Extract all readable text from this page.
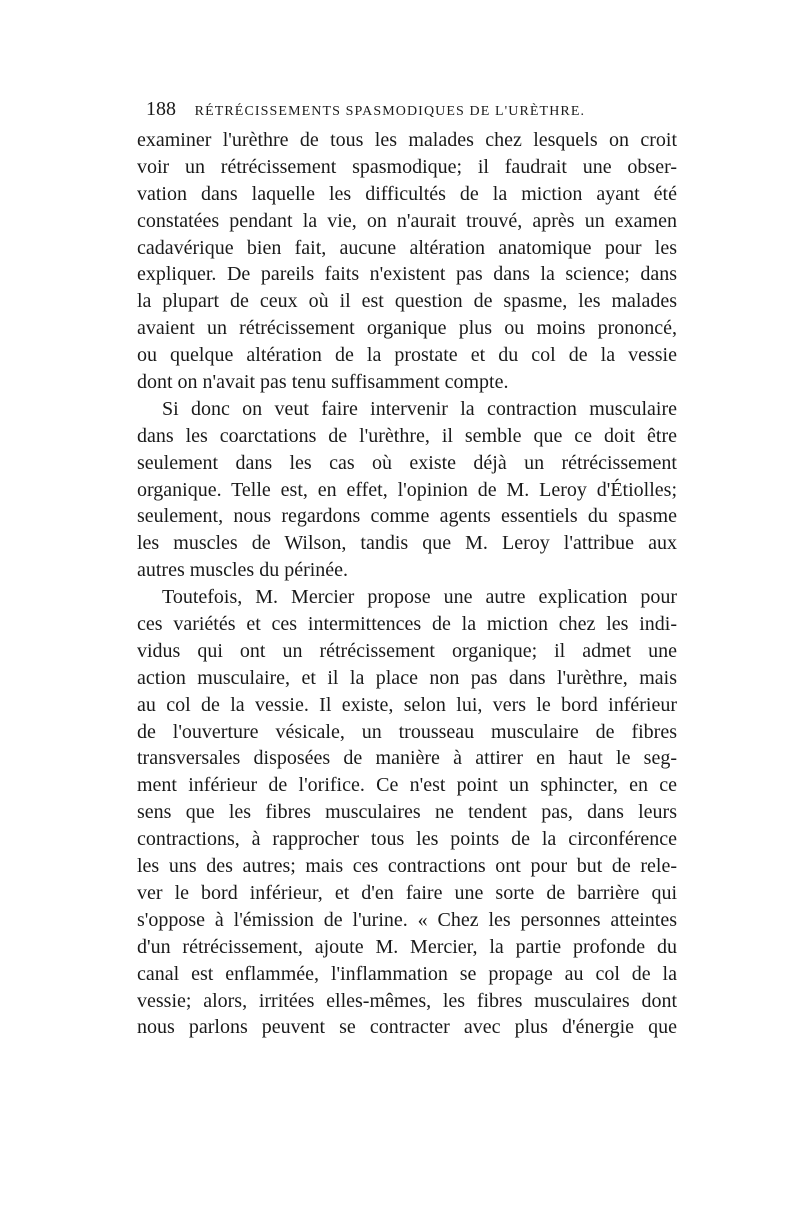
188 RÉTRÉCISSEMENTS SPASMODIQUES DE L'URÈTHRE.
examiner l'urèthre de tous les malades chez lesquels on croit
voir un rétrécissement spasmodique; il faudrait une obser-
vation dans laquelle les difficultés de la miction ayant été
constatées pendant la vie, on n'aurait trouvé, après un examen
cadavérique bien fait, aucune altération anatomique pour les
expliquer. De pareils faits n'existent pas dans la science; dans
la plupart de ceux où il est question de spasme, les malades
avaient un rétrécissement organique plus ou moins prononcé,
ou quelque altération de la prostate et du col de la vessie
dont on n'avait pas tenu suffisamment compte.
Si donc on veut faire intervenir la contraction musculaire
dans les coarctations de l'urèthre, il semble que ce doit être
seulement dans les cas où existe déjà un rétrécissement
organique. Telle est, en effet, l'opinion de M. Leroy d'Étiolles;
seulement, nous regardons comme agents essentiels du spasme
les muscles de Wilson, tandis que M. Leroy l'attribue aux
autres muscles du périnée.
Toutefois, M. Mercier propose une autre explication pour
ces variétés et ces intermittences de la miction chez les indi-
vidus qui ont un rétrécissement organique; il admet une
action musculaire, et il la place non pas dans l'urèthre, mais
au col de la vessie. Il existe, selon lui, vers le bord inférieur
de l'ouverture vésicale, un trousseau musculaire de fibres
transversales disposées de manière à attirer en haut le seg-
ment inférieur de l'orifice. Ce n'est point un sphincter, en ce
sens que les fibres musculaires ne tendent pas, dans leurs
contractions, à rapprocher tous les points de la circonférence
les uns des autres; mais ces contractions ont pour but de rele-
ver le bord inférieur, et d'en faire une sorte de barrière qui
s'oppose à l'émission de l'urine. « Chez les personnes atteintes
d'un rétrécissement, ajoute M. Mercier, la partie profonde du
canal est enflammée, l'inflammation se propage au col de la
vessie; alors, irritées elles-mêmes, les fibres musculaires dont
nous parlons peuvent se contracter avec plus d'énergie que
